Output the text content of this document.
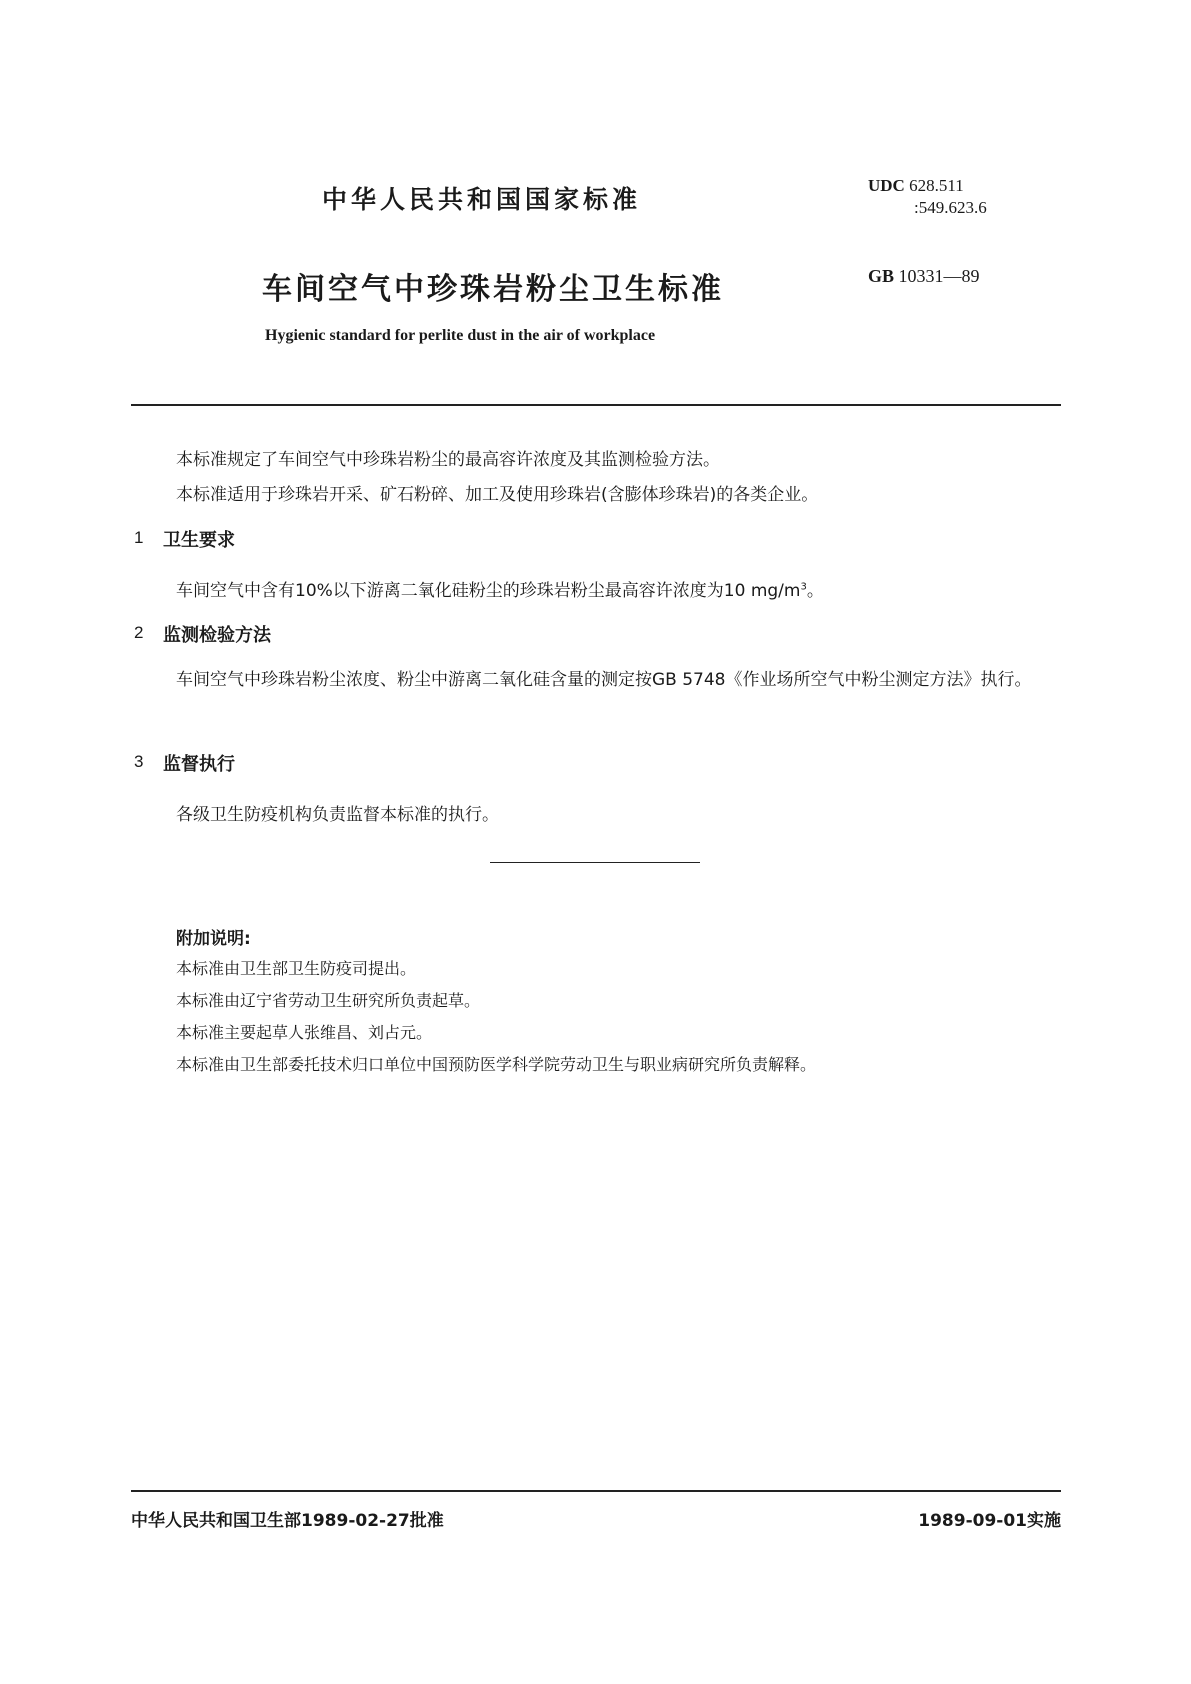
中华人民共和国国家标准	UDC 628.511
:549.623.6
车间空气中珍珠岩粉尘卫生标准	GB 10331—89
Hygienic standard for perlite dust in the air of workplace
本标准规定了车间空气中珍珠岩粉尘的最高容许浓度及其监测检验方法。
本标准适用于珍珠岩开采、矿石粉碎、加工及使用珍珠岩(含膨体珍珠岩)的各类企业。
1 卫生要求
车间空气中含有10%以下游离二氧化硅粉尘的珍珠岩粉尘最高容许浓度为10 $mg/m^3$。
2 监测检验方法
车间空气中珍珠岩粉尘浓度、粉尘中游离二氧化硅含量的测定按GB 5748《作业场所空气中粉尘测定方法》执行。
3 监督执行
各级卫生防疫机构负责监督本标准的执行。
附加说明:
本标准由卫生部卫生防疫司提出。
本标准由辽宁省劳动卫生研究所负责起草。
本标准主要起草人张维昌、刘占元。
本标准由卫生部委托技术归口单位中国预防医学科学院劳动卫生与职业病研究所负责解释。
中华人民共和国卫生部1989-02-27批准	1989-09-01实施
